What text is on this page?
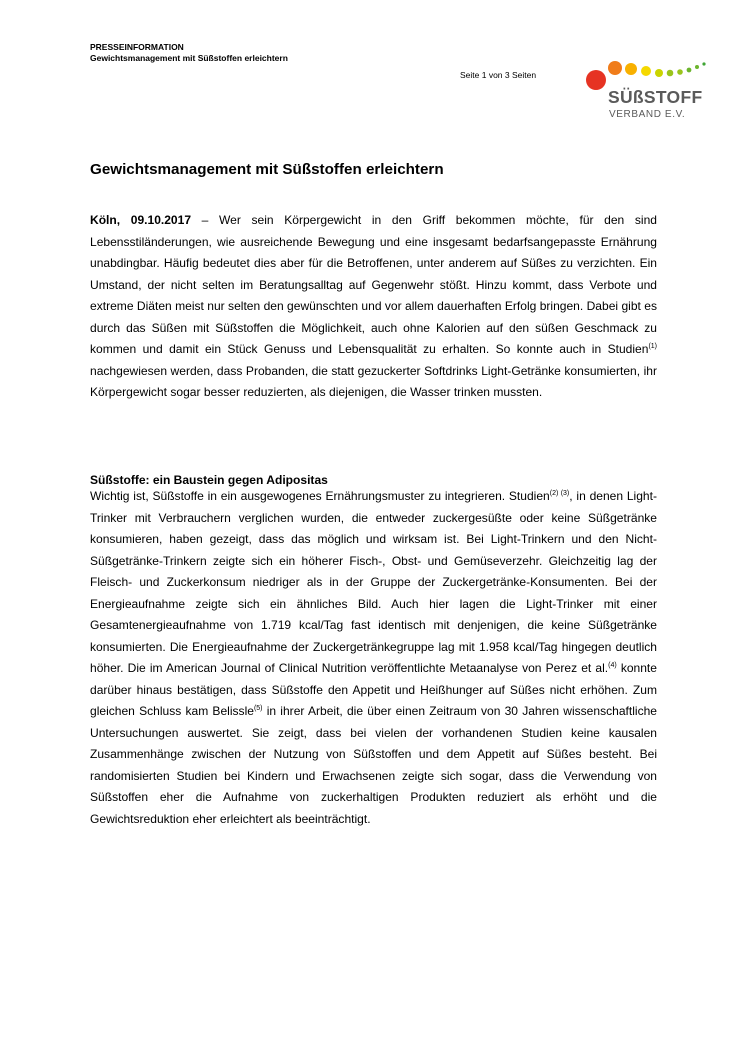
PRESSEINFORMATION
Gewichtsmanagement mit Süßstoffen erleichtern
Seite 1 von 3 Seiten
SÜßSTOFF
VERBAND E.V.
Gewichtsmanagement mit Süßstoffen erleichtern

Köln, 09.10.2017 – Wer sein Körpergewicht in den Griff bekommen möchte, für den sind Lebensstiländerungen, wie ausreichende Bewegung und eine insgesamt bedarfsangepasste Ernährung unabdingbar. Häufig bedeutet dies aber für die Betroffenen, unter anderem auf Süßes zu verzichten. Ein Umstand, der nicht selten im Beratungsalltag auf Gegenwehr stößt. Hinzu kommt, dass Verbote und extreme Diäten meist nur selten den gewünschten und vor allem dauerhaften Erfolg bringen. Dabei gibt es durch das Süßen mit Süßstoffen die Möglichkeit, auch ohne Kalorien auf den süßen Geschmack zu kommen und damit ein Stück Genuss und Lebensqualität zu erhalten. So konnte auch in Studien$^{(1)}$ nachgewiesen werden, dass Probanden, die statt gezuckerter Softdrinks Light-Getränke konsumierten, ihr Körpergewicht sogar besser reduzierten, als diejenigen, die Wasser trinken mussten.

Süßstoffe: ein Baustein gegen Adipositas

Wichtig ist, Süßstoffe in ein ausgewogenes Ernährungsmuster zu integrieren. Studien$^{(2) (3)}$, in denen Light-Trinker mit Verbrauchern verglichen wurden, die entweder zuckergesüßte oder keine Süßgetränke konsumieren, haben gezeigt, dass das möglich und wirksam ist. Bei Light-Trinkern und den Nicht-Süßgetränke-Trinkern zeigte sich ein höherer Fisch-, Obst- und Gemüseverzehr. Gleichzeitig lag der Fleisch- und Zuckerkonsum niedriger als in der Gruppe der Zuckergetränke-Konsumenten. Bei der Energieaufnahme zeigte sich ein ähnliches Bild. Auch hier lagen die Light-Trinker mit einer Gesamtenergieaufnahme von 1.719 kcal/Tag fast identisch mit denjenigen, die keine Süßgetränke konsumierten. Die Energieaufnahme der Zuckergetränkegruppe lag mit 1.958 kcal/Tag hingegen deutlich höher. Die im American Journal of Clinical Nutrition veröffentlichte Metaanalyse von Perez et al.$^{(4)}$ konnte darüber hinaus bestätigen, dass Süßstoffe den Appetit und Heißhunger auf Süßes nicht erhöhen. Zum gleichen Schluss kam Belissle$^{(5)}$ in ihrer Arbeit, die über einen Zeitraum von 30 Jahren wissenschaftliche Untersuchungen auswertet. Sie zeigt, dass bei vielen der vorhandenen Studien keine kausalen Zusammenhänge zwischen der Nutzung von Süßstoffen und dem Appetit auf Süßes besteht. Bei randomisierten Studien bei Kindern und Erwachsenen zeigte sich sogar, dass die Verwendung von Süßstoffen eher die Aufnahme von zuckerhaltigen Produkten reduziert als erhöht und die Gewichtsreduktion eher erleichtert als beeinträchtigt.
